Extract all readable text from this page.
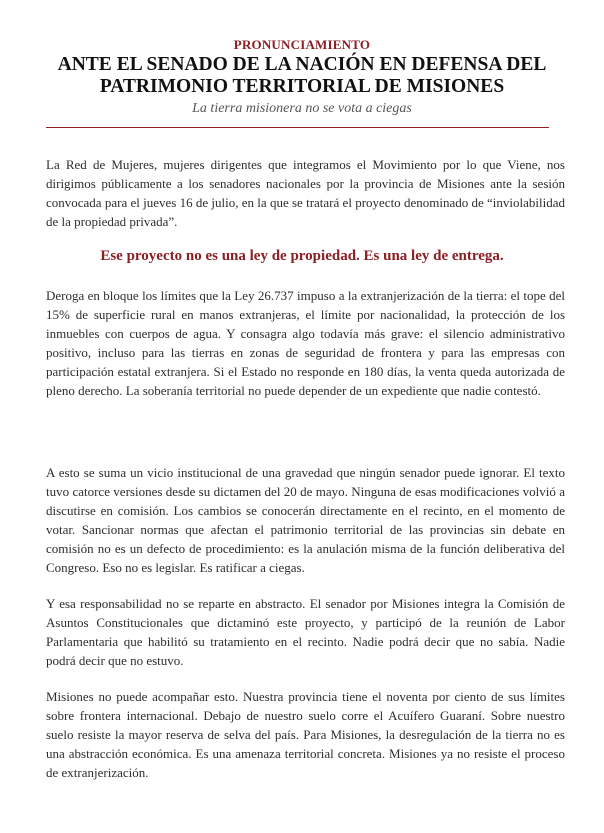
PRONUNCIAMIENTO
ANTE EL SENADO DE LA NACIÓN EN DEFENSA DEL
PATRIMONIO TERRITORIAL DE MISIONES
La tierra misionera no se vota a ciegas

La Red de Mujeres, mujeres dirigentes que integramos el Movimiento por lo que Viene, nos dirigimos públicamente a los senadores nacionales por la provincia de Misiones ante la sesión convocada para el jueves 16 de julio, en la que se tratará el proyecto denominado de “inviolabilidad de la propiedad privada”.

Ese proyecto no es una ley de propiedad. Es una ley de entrega.

Deroga en bloque los límites que la Ley 26.737 impuso a la extranjerización de la tierra: el tope del 15% de superficie rural en manos extranjeras, el límite por nacionalidad, la protección de los inmuebles con cuerpos de agua. Y consagra algo todavía más grave: el silencio administrativo positivo, incluso para las tierras en zonas de seguridad de frontera y para las empresas con participación estatal extranjera. Si el Estado no responde en 180 días, la venta queda autorizada de pleno derecho. La soberanía territorial no puede depender de un expediente que nadie contestó.

A esto se suma un vicio institucional de una gravedad que ningún senador puede ignorar. El texto tuvo catorce versiones desde su dictamen del 20 de mayo. Ninguna de esas modificaciones volvió a discutirse en comisión. Los cambios se conocerán directamente en el recinto, en el momento de votar. Sancionar normas que afectan el patrimonio territorial de las provincias sin debate en comisión no es un defecto de procedimiento: es la anulación misma de la función deliberativa del Congreso. Eso no es legislar. Es ratificar a ciegas.

Y esa responsabilidad no se reparte en abstracto. El senador por Misiones integra la Comisión de Asuntos Constitucionales que dictaminó este proyecto, y participó de la reunión de Labor Parlamentaria que habilitó su tratamiento en el recinto. Nadie podrá decir que no sabía. Nadie podrá decir que no estuvo.

Misiones no puede acompañar esto. Nuestra provincia tiene el noventa por ciento de sus límites sobre frontera internacional. Debajo de nuestro suelo corre el Acuífero Guaraní. Sobre nuestro suelo resiste la mayor reserva de selva del país. Para Misiones, la desregulación de la tierra no es una abstracción económica. Es una amenaza territorial concreta. Misiones ya no resiste el proceso de extranjerización.
